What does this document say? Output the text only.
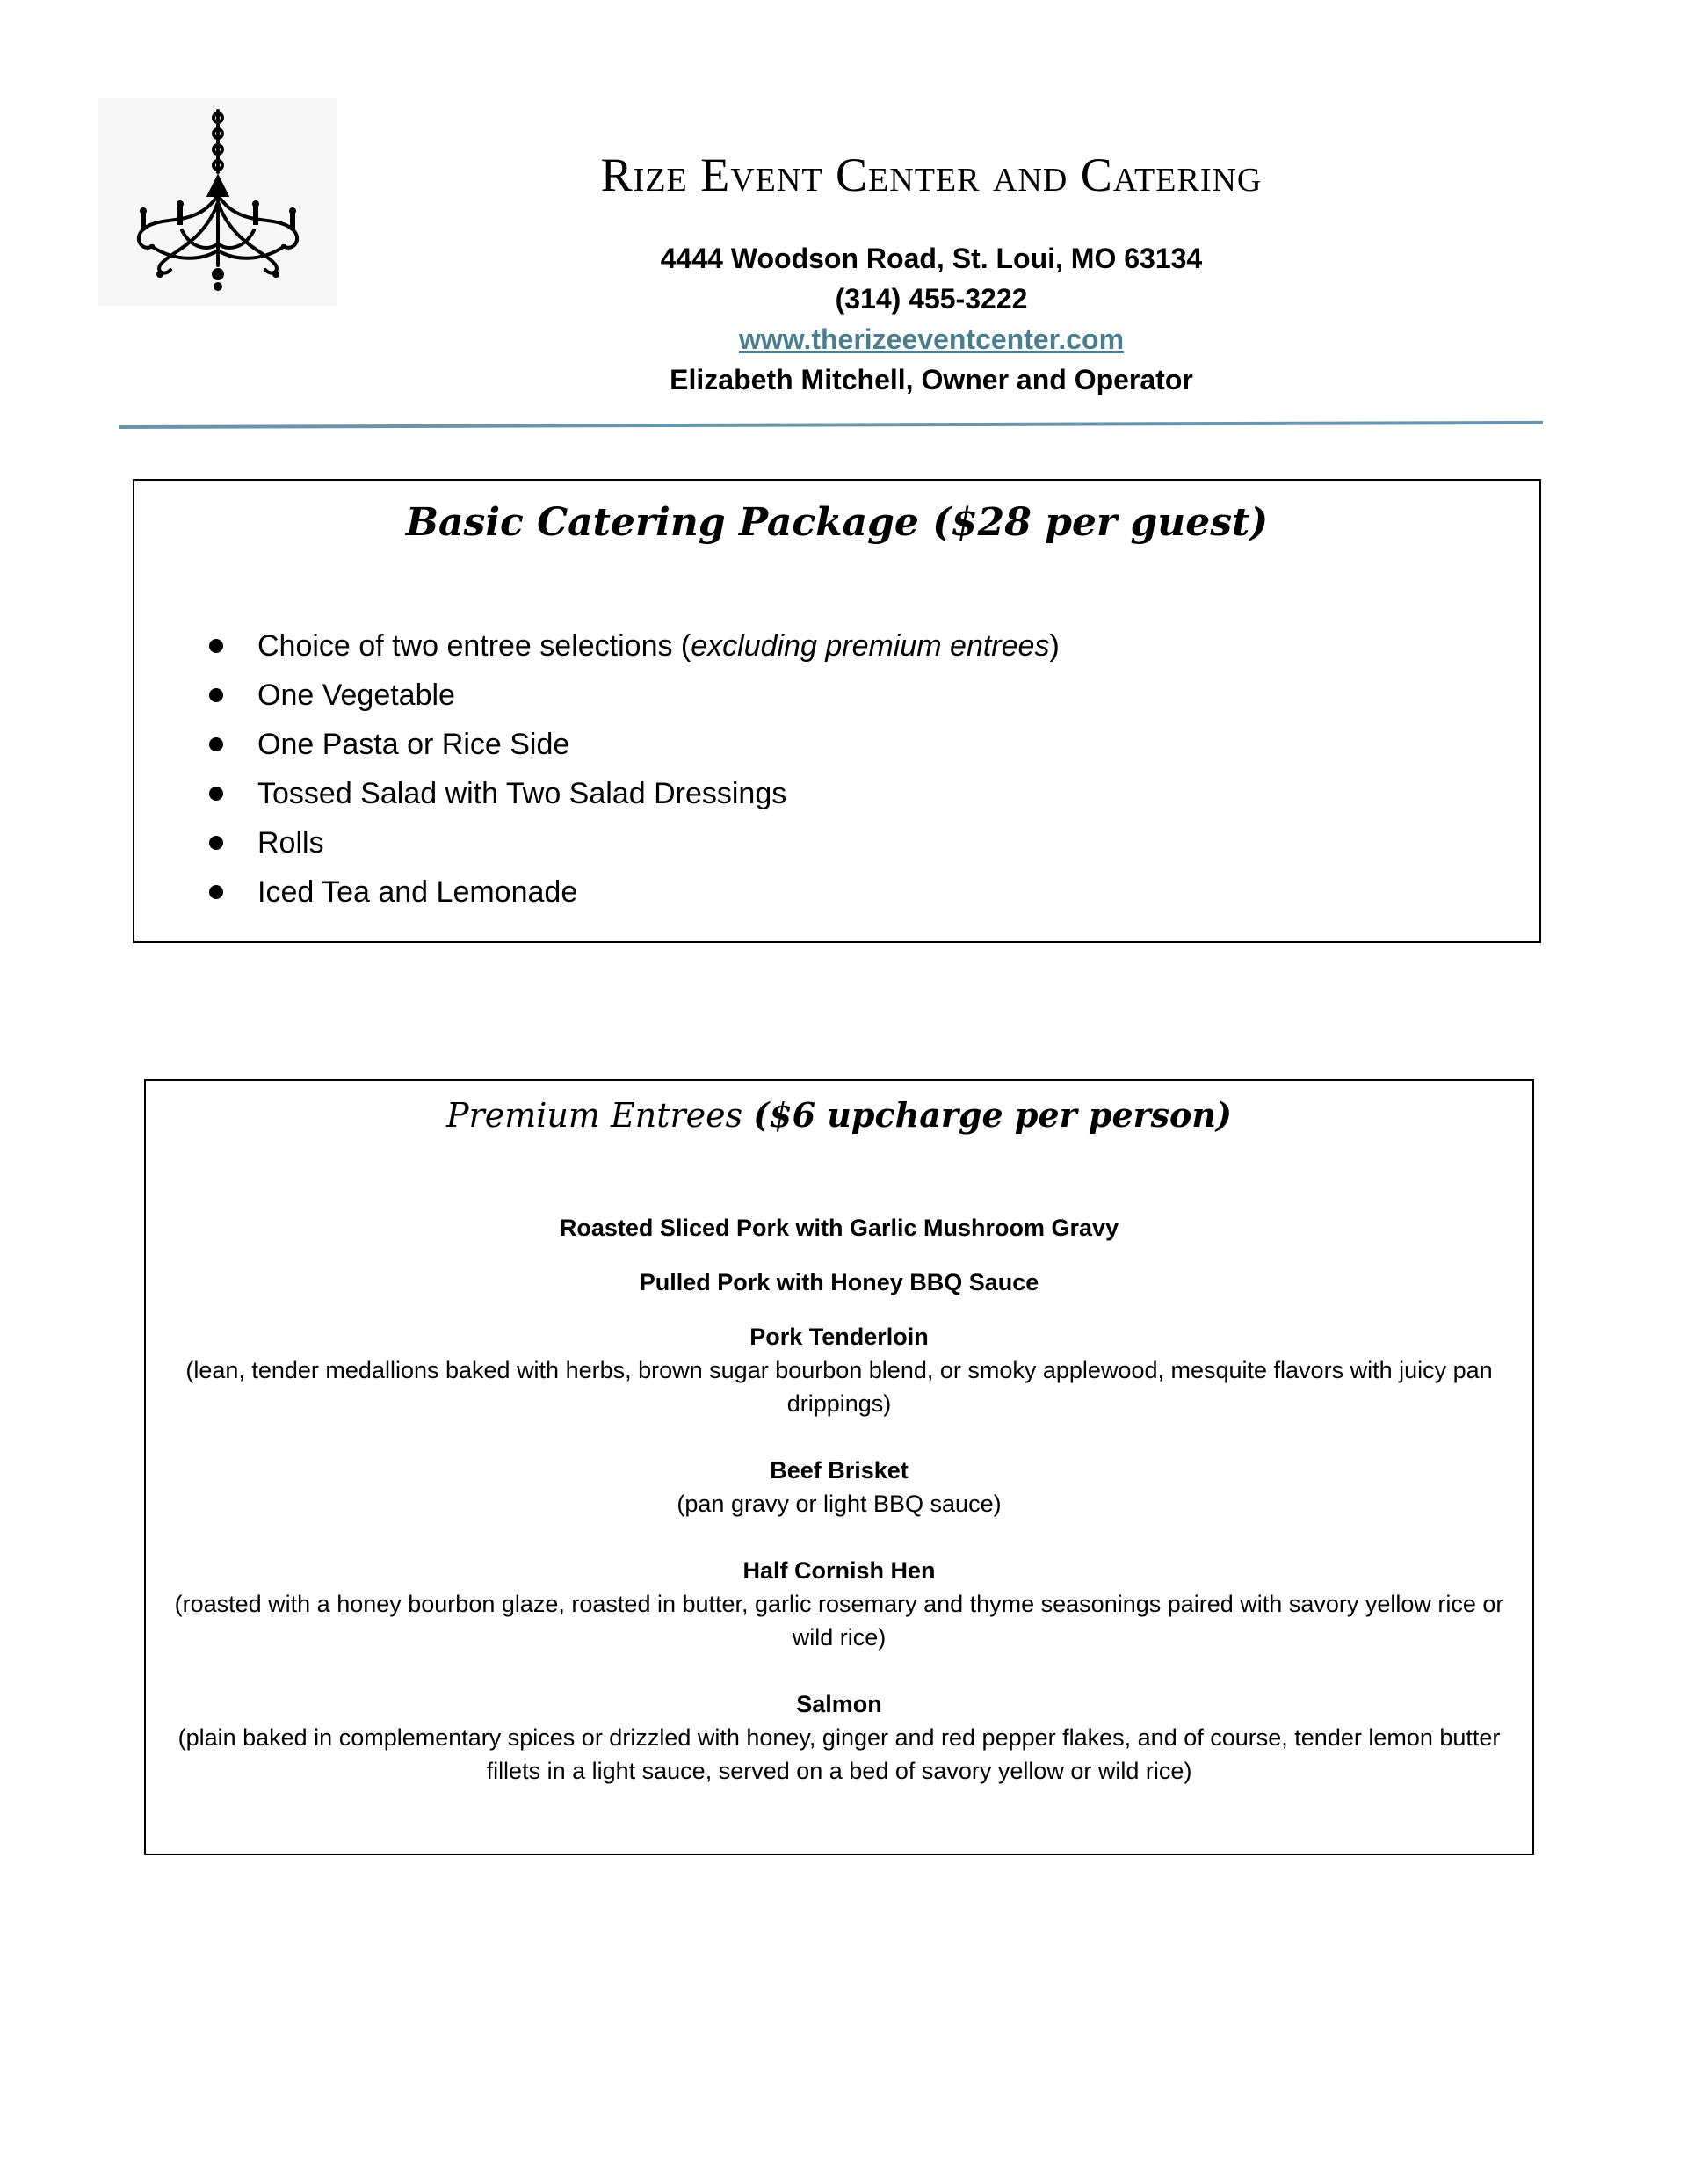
Rize Event Center and Catering
4444 Woodson Road, St. Loui, MO 63134
(314) 455-3222
www.therizeeventcenter.com
Elizabeth Mitchell, Owner and Operator
Basic Catering Package ($28 per guest)
Choice of two entree selections (excluding premium entrees)
One Vegetable
One Pasta or Rice Side
Tossed Salad with Two Salad Dressings
Rolls
Iced Tea and Lemonade
Premium Entrees ($6 upcharge per person)
Roasted Sliced Pork with Garlic Mushroom Gravy
Pulled Pork with Honey BBQ Sauce
Pork Tenderloin
(lean, tender medallions baked with herbs, brown sugar bourbon blend, or smoky applewood, mesquite flavors with juicy pan drippings)
Beef Brisket
(pan gravy or light BBQ sauce)
Half Cornish Hen
(roasted with a honey bourbon glaze, roasted in butter, garlic rosemary and thyme seasonings paired with savory yellow rice or wild rice)
Salmon
(plain baked in complementary spices or drizzled with honey, ginger and red pepper flakes, and of course, tender lemon butter fillets in a light sauce, served on a bed of savory yellow or wild rice)
